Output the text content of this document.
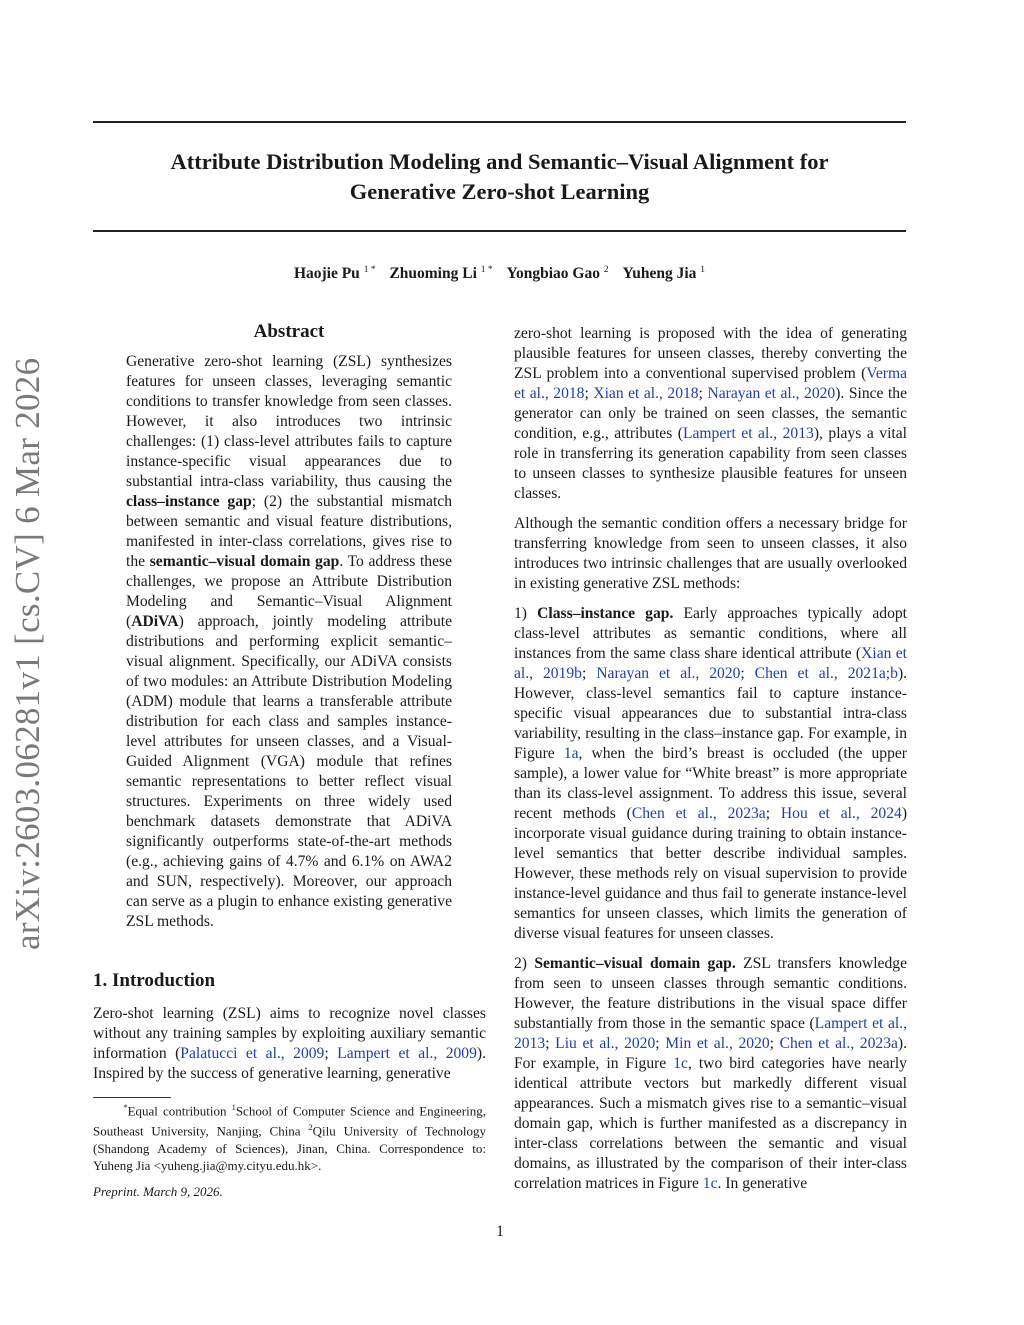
arXiv:2603.06281v1 [cs.CV] 6 Mar 2026
Attribute Distribution Modeling and Semantic–Visual Alignment for
Generative Zero-shot Learning
Haojie Pu $^{1 *}$ Zhuoming Li $^{1 *}$ Yongbiao Gao $^2$ Yuheng Jia $^1$
Abstract

Generative zero-shot learning (ZSL) synthesizes features for unseen classes, leveraging semantic conditions to transfer knowledge from seen classes. However, it also introduces two intrinsic challenges: (1) class-level attributes fails to capture instance-specific visual appearances due to substantial intra-class variability, thus causing the class–instance gap; (2) the substantial mismatch between semantic and visual feature distributions, manifested in inter-class correlations, gives rise to the semantic–visual domain gap. To address these challenges, we propose an Attribute Distribution Modeling and Semantic–Visual Alignment (ADiVA) approach, jointly modeling attribute distributions and performing explicit semantic–visual alignment. Specifically, our ADiVA consists of two modules: an Attribute Distribution Modeling (ADM) module that learns a transferable attribute distribution for each class and samples instance-level attributes for unseen classes, and a Visual-Guided Alignment (VGA) module that refines semantic representations to better reflect visual structures. Experiments on three widely used benchmark datasets demonstrate that ADiVA significantly outperforms state-of-the-art methods (e.g., achieving gains of 4.7% and 6.1% on AWA2 and SUN, respectively). Moreover, our approach can serve as a plugin to enhance existing generative ZSL methods.

1. Introduction

Zero-shot learning (ZSL) aims to recognize novel classes without any training samples by exploiting auxiliary semantic information (Palatucci et al., 2009; Lampert et al., 2009). Inspired by the success of generative learning, generative

*Equal contribution $^1$School of Computer Science and Engineering, Southeast University, Nanjing, China $^2$Qilu University of Technology (Shandong Academy of Sciences), Jinan, China. Correspondence to: Yuheng Jia <yuheng.jia@my.cityu.edu.hk>.
Preprint. March 9, 2026.

zero-shot learning is proposed with the idea of generating plausible features for unseen classes, thereby converting the ZSL problem into a conventional supervised problem (Verma et al., 2018; Xian et al., 2018; Narayan et al., 2020). Since the generator can only be trained on seen classes, the semantic condition, e.g., attributes (Lampert et al., 2013), plays a vital role in transferring its generation capability from seen classes to unseen classes to synthesize plausible features for unseen classes.

Although the semantic condition offers a necessary bridge for transferring knowledge from seen to unseen classes, it also introduces two intrinsic challenges that are usually overlooked in existing generative ZSL methods:

1) Class–instance gap. Early approaches typically adopt class-level attributes as semantic conditions, where all instances from the same class share identical attribute (Xian et al., 2019b; Narayan et al., 2020; Chen et al., 2021a;b). However, class-level semantics fail to capture instance-specific visual appearances due to substantial intra-class variability, resulting in the class–instance gap. For example, in Figure 1a, when the bird’s breast is occluded (the upper sample), a lower value for “White breast” is more appropriate than its class-level assignment. To address this issue, several recent methods (Chen et al., 2023a; Hou et al., 2024) incorporate visual guidance during training to obtain instance-level semantics that better describe individual samples. However, these methods rely on visual supervision to provide instance-level guidance and thus fail to generate instance-level semantics for unseen classes, which limits the generation of diverse visual features for unseen classes.

2) Semantic–visual domain gap. ZSL transfers knowledge from seen to unseen classes through semantic conditions. However, the feature distributions in the visual space differ substantially from those in the semantic space (Lampert et al., 2013; Liu et al., 2020; Min et al., 2020; Chen et al., 2023a). For example, in Figure 1c, two bird categories have nearly identical attribute vectors but markedly different visual appearances. Such a mismatch gives rise to a semantic–visual domain gap, which is further manifested as a discrepancy in inter-class correlations between the semantic and visual domains, as illustrated by the comparison of their inter-class correlation matrices in Figure 1c. In generative

1
